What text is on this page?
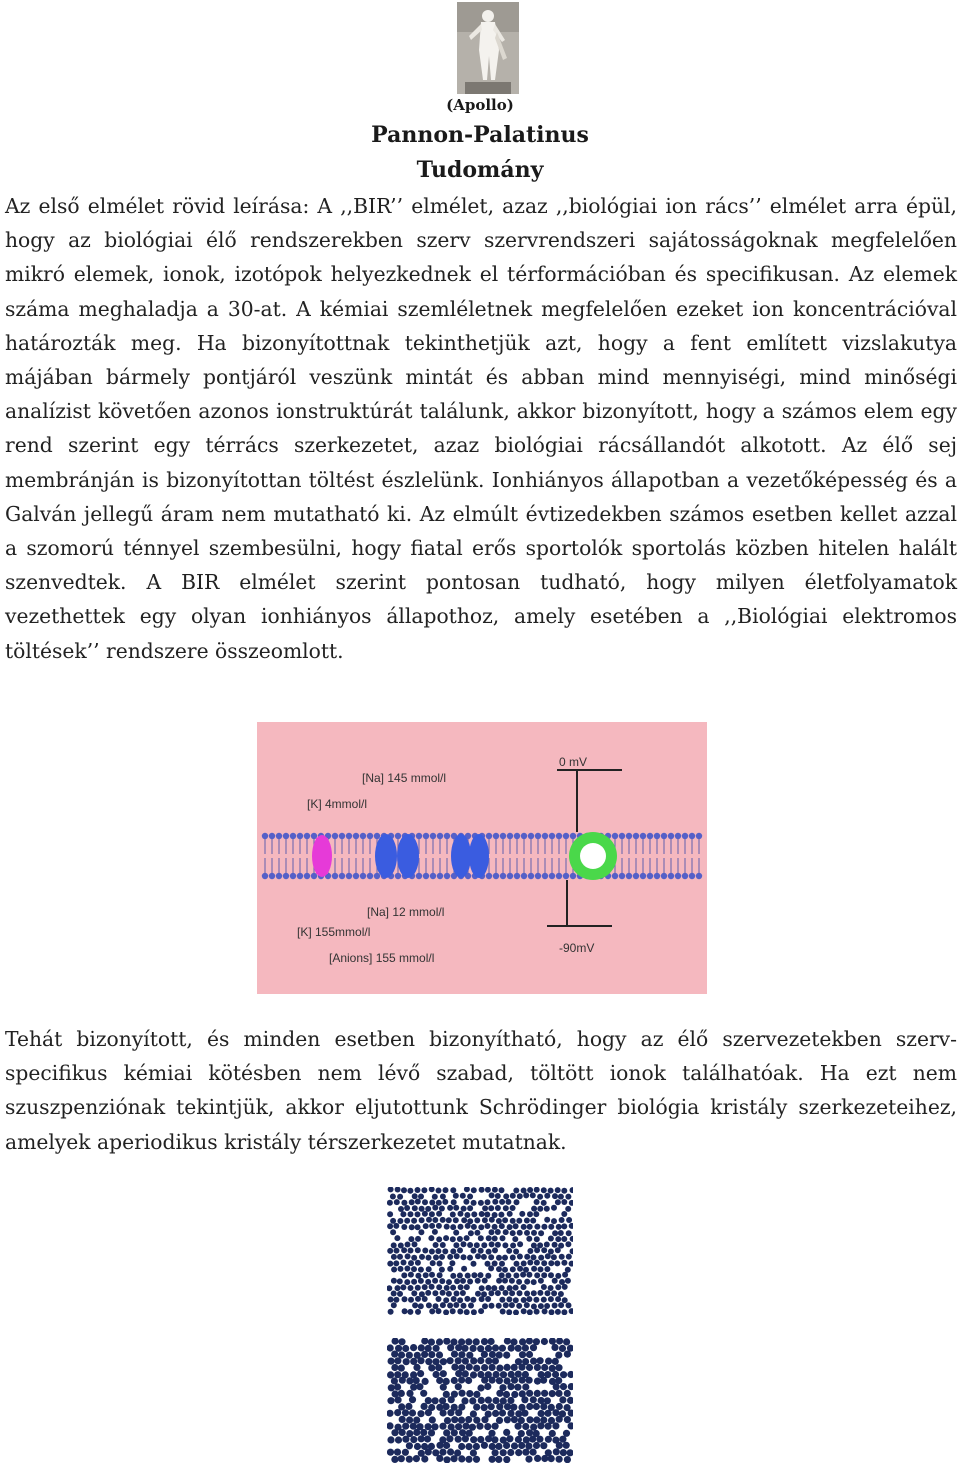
(Apollo)
Pannon-Palatinus
Tudomány

Az első elmélet rövid leírása: A ,,BIR’’ elmélet, azaz ,,biológiai ion rács’’ elmélet arra épül, hogy az biológiai élő rendszerekben szerv szervrendszeri sajátosságoknak megfelelően mikró elemek, ionok, izotópok helyezkednek el térformációban és specifikusan. Az elemek száma meghaladja a 30-at. A kémiai szemléletnek megfelelően ezeket ion koncentrációval határozták meg. Ha bizonyítottnak tekinthetjük azt, hogy a fent említett vizslakutya májában bármely pontjáról veszünk mintát és abban mind mennyiségi, mind minőségi analízist követően azonos ionstruktúrát találunk, akkor bizonyított, hogy a számos elem egy rend szerint egy térrács szerkezetet, azaz biológiai rácsállandót alkotott. Az élő sej membránján is bizonyítottan töltést észlelünk. Ionhiányos állapotban a vezetőképesség és a Galván jellegű áram nem mutatható ki. Az elmúlt évtizedekben számos esetben kellet azzal a szomorú ténnyel szembesülni, hogy fiatal erős sportolók sportolás közben hitelen halált szenvedtek. A BIR elmélet szerint pontosan tudható, hogy milyen életfolyamatok vezethettek egy olyan ionhiányos állapothoz, amely esetében a ,,Biológiai elektromos töltések’’ rendszere összeomlott.

[Na] 145 mmol/l
[K] 4mmol/l
0 mV
[Na] 12 mmol/l
[K] 155mmol/l
[Anions] 155 mmol/l
-90mV

Tehát bizonyított, és minden esetben bizonyítható, hogy az élő szervezetekben szerv-specifikus kémiai kötésben nem lévő szabad, töltött ionok találhatóak. Ha ezt nem szuszpenziónak tekintjük, akkor eljutottunk Schrödinger biológia kristály szerkezeteihez, amelyek aperiodikus kristály térszerkezetet mutatnak.
